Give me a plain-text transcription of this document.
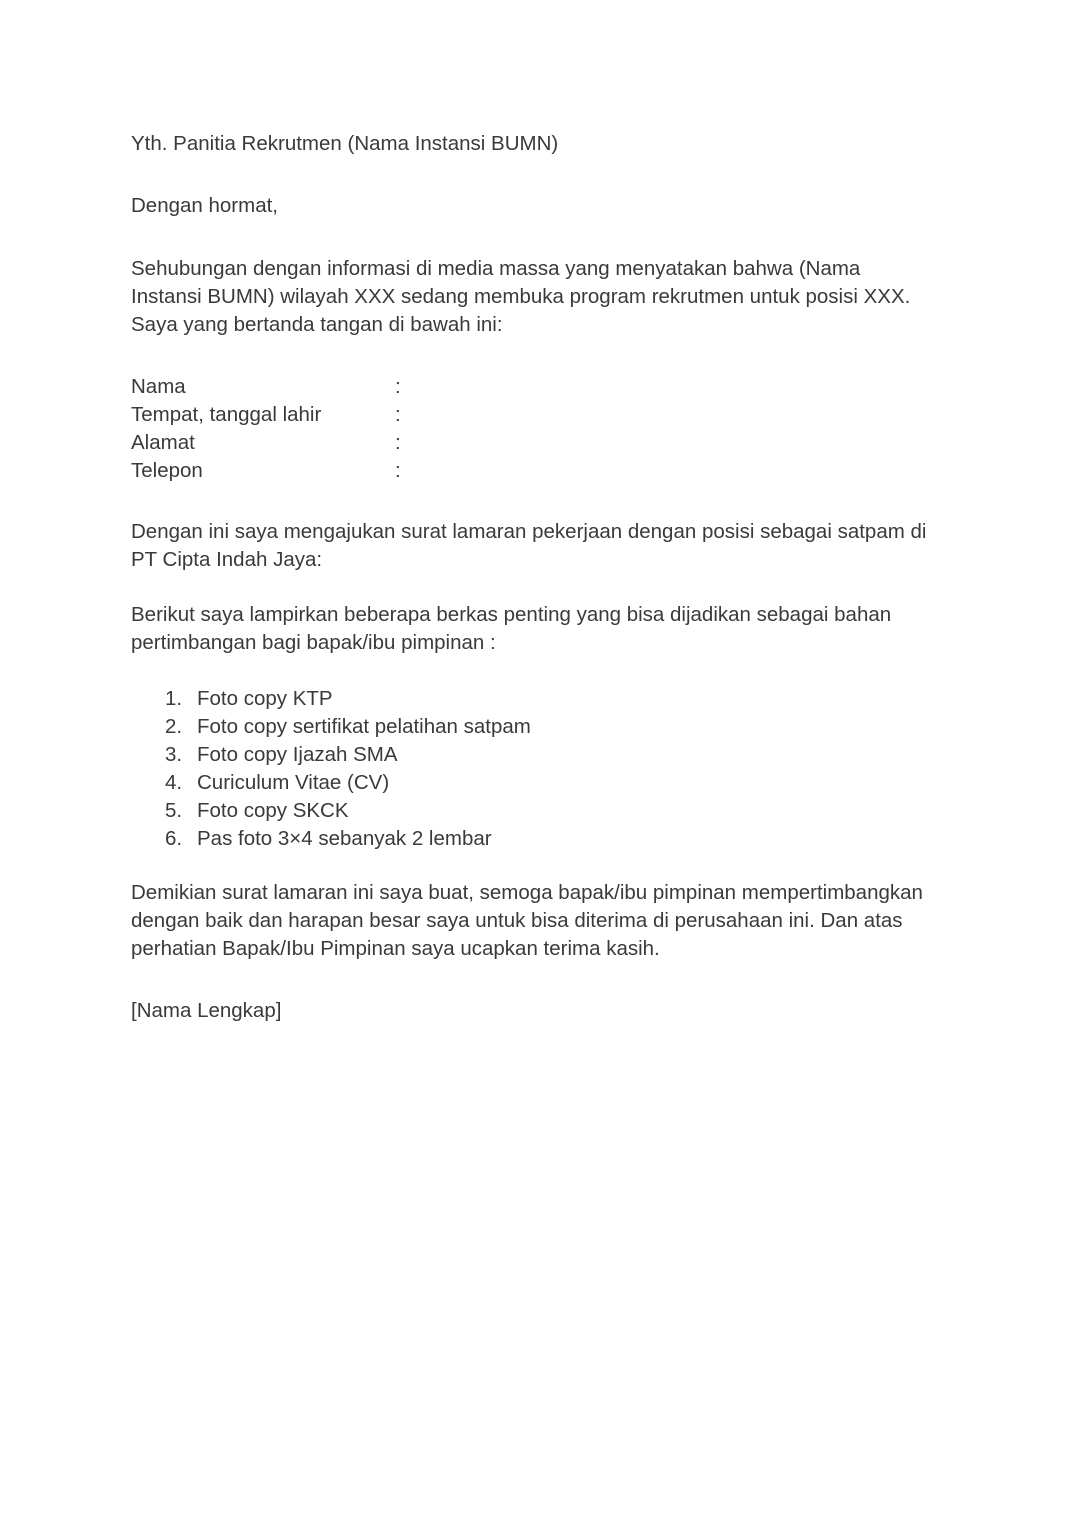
Yth. Panitia Rekrutmen (Nama Instansi BUMN)
Dengan hormat,
Sehubungan dengan informasi di media massa yang menyatakan bahwa (Nama
Instansi BUMN) wilayah XXX sedang membuka program rekrutmen untuk posisi XXX.
Saya yang bertanda tangan di bawah ini:
Nama	:
Tempat, tanggal lahir	:
Alamat	:
Telepon	:
Dengan ini saya mengajukan surat lamaran pekerjaan dengan posisi sebagai satpam di
PT Cipta Indah Jaya:
Berikut saya lampirkan beberapa berkas penting yang bisa dijadikan sebagai bahan
pertimbangan bagi bapak/ibu pimpinan :
1. Foto copy KTP
2. Foto copy sertifikat pelatihan satpam
3. Foto copy Ijazah SMA
4. Curiculum Vitae (CV)
5. Foto copy SKCK
6. Pas foto 3×4 sebanyak 2 lembar
Demikian surat lamaran ini saya buat, semoga bapak/ibu pimpinan mempertimbangkan
dengan baik dan harapan besar saya untuk bisa diterima di perusahaan ini. Dan atas
perhatian Bapak/Ibu Pimpinan saya ucapkan terima kasih.
[Nama Lengkap]
